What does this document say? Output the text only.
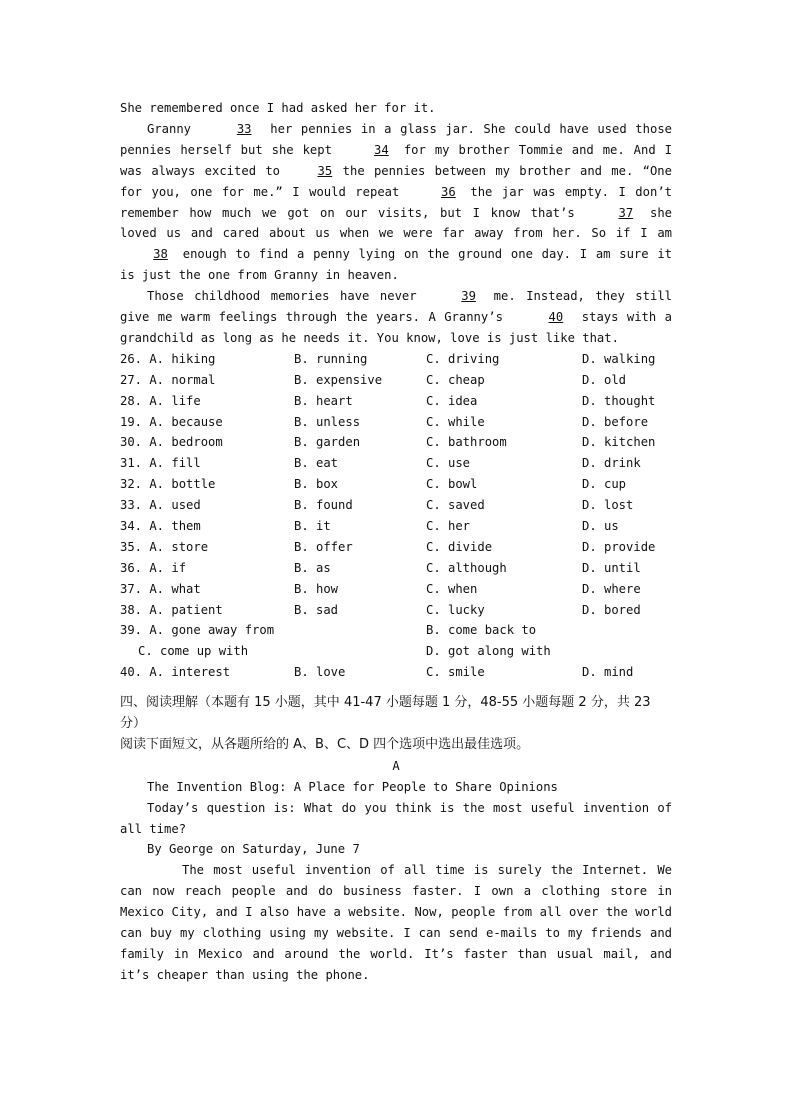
She remembered once I had asked her for it.
Granny	33 her pennies in a glass jar. She could have used those pennies herself but she kept	34 for my brother Tommie and me. And I was always excited to 35 the pennies between my brother and me. “One for you, one for me.” I would repeat	36 the jar was empty. I don’t remember how much we got on our visits, but I know that’s	37 she loved us and cared about us when we were far away from her. So if I am 38 enough to find a penny lying on the ground one day. I am sure it is just the one from Granny in heaven.
Those childhood memories have never	39 me. Instead, they still give me warm feelings through the years. A Granny’s	40 stays with a grandchild as long as he needs it. You know, love is just like that.
26. A. hiking	B. running	C. driving	D. walking
27. A. normal	B. expensive	C. cheap	D. old
28. A. life	B. heart	C. idea	D. thought
19. A. because	B. unless	C. while	D. before
30. A. bedroom	B. garden	C. bathroom	D. kitchen
31. A. fill	B. eat	C. use	D. drink
32. A. bottle	B. box	C. bowl	D. cup
33. A. used	B. found	C. saved	D. lost
34. A. them	B. it	C. her	D. us
35. A. store	B. offer	C. divide	D. provide
36. A. if	B. as	C. although	D. until
37. A. what	B. how	C. when	D. where
38. A. patient	B. sad	C. lucky	D. bored
39. A. gone away from	B. come back to
C. come up with	D. got along with
40. A. interest	B. love	C. smile	D. mind
四、阅读理解（本题有 15 小题，其中 41-47 小题每题 1 分，48-55 小题每题 2 分，共 23 分）
阅读下面短文，从各题所给的 A、B、C、D 四个选项中选出最佳选项。
A
The Invention Blog: A Place for People to Share Opinions
Today’s question is: What do you think is the most useful invention of all time?
By George on Saturday, June 7
The most useful invention of all time is surely the Internet. We can now reach people and do business faster. I own a clothing store in Mexico City, and I also have a website. Now, people from all over the world can buy my clothing using my website. I can send e-mails to my friends and family in Mexico and around the world. It’s faster than usual mail, and it’s cheaper than using the phone.
